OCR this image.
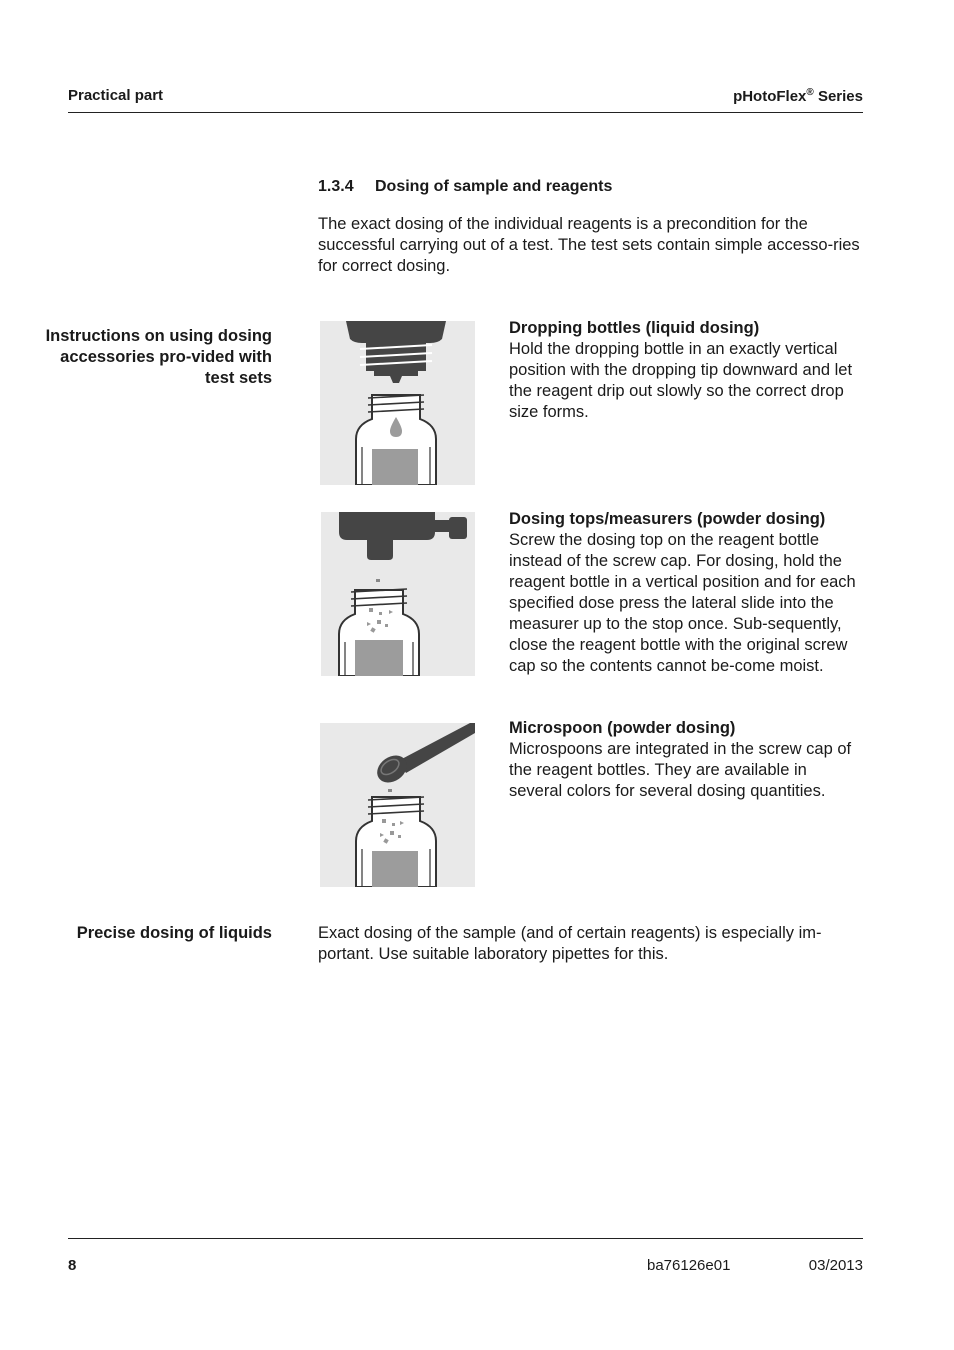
Practical part	pHotoFlex® Series
1.3.4 Dosing of sample and reagents
The exact dosing of the individual reagents is a precondition for the successful carrying out of a test. The test sets contain simple accesso-ries for correct dosing.
Instructions on using dosing accessories pro-vided with test sets
Dropping bottles (liquid dosing)
Hold the dropping bottle in an exactly vertical position with the dropping tip downward and let the reagent drip out slowly so the correct drop size forms.
Dosing tops/measurers (powder dosing)
Screw the dosing top on the reagent bottle instead of the screw cap. For dosing, hold the reagent bottle in a vertical position and for each specified dose press the lateral slide into the measurer up to the stop once. Sub-sequently, close the reagent bottle with the original screw cap so the contents cannot be-come moist.
Microspoon (powder dosing)
Microspoons are integrated in the screw cap of the reagent bottles. They are available in several colors for several dosing quantities.
Precise dosing of liquids	Exact dosing of the sample (and of certain reagents) is especially im-portant. Use suitable laboratory pipettes for this.
8	ba76126e01	03/2013
